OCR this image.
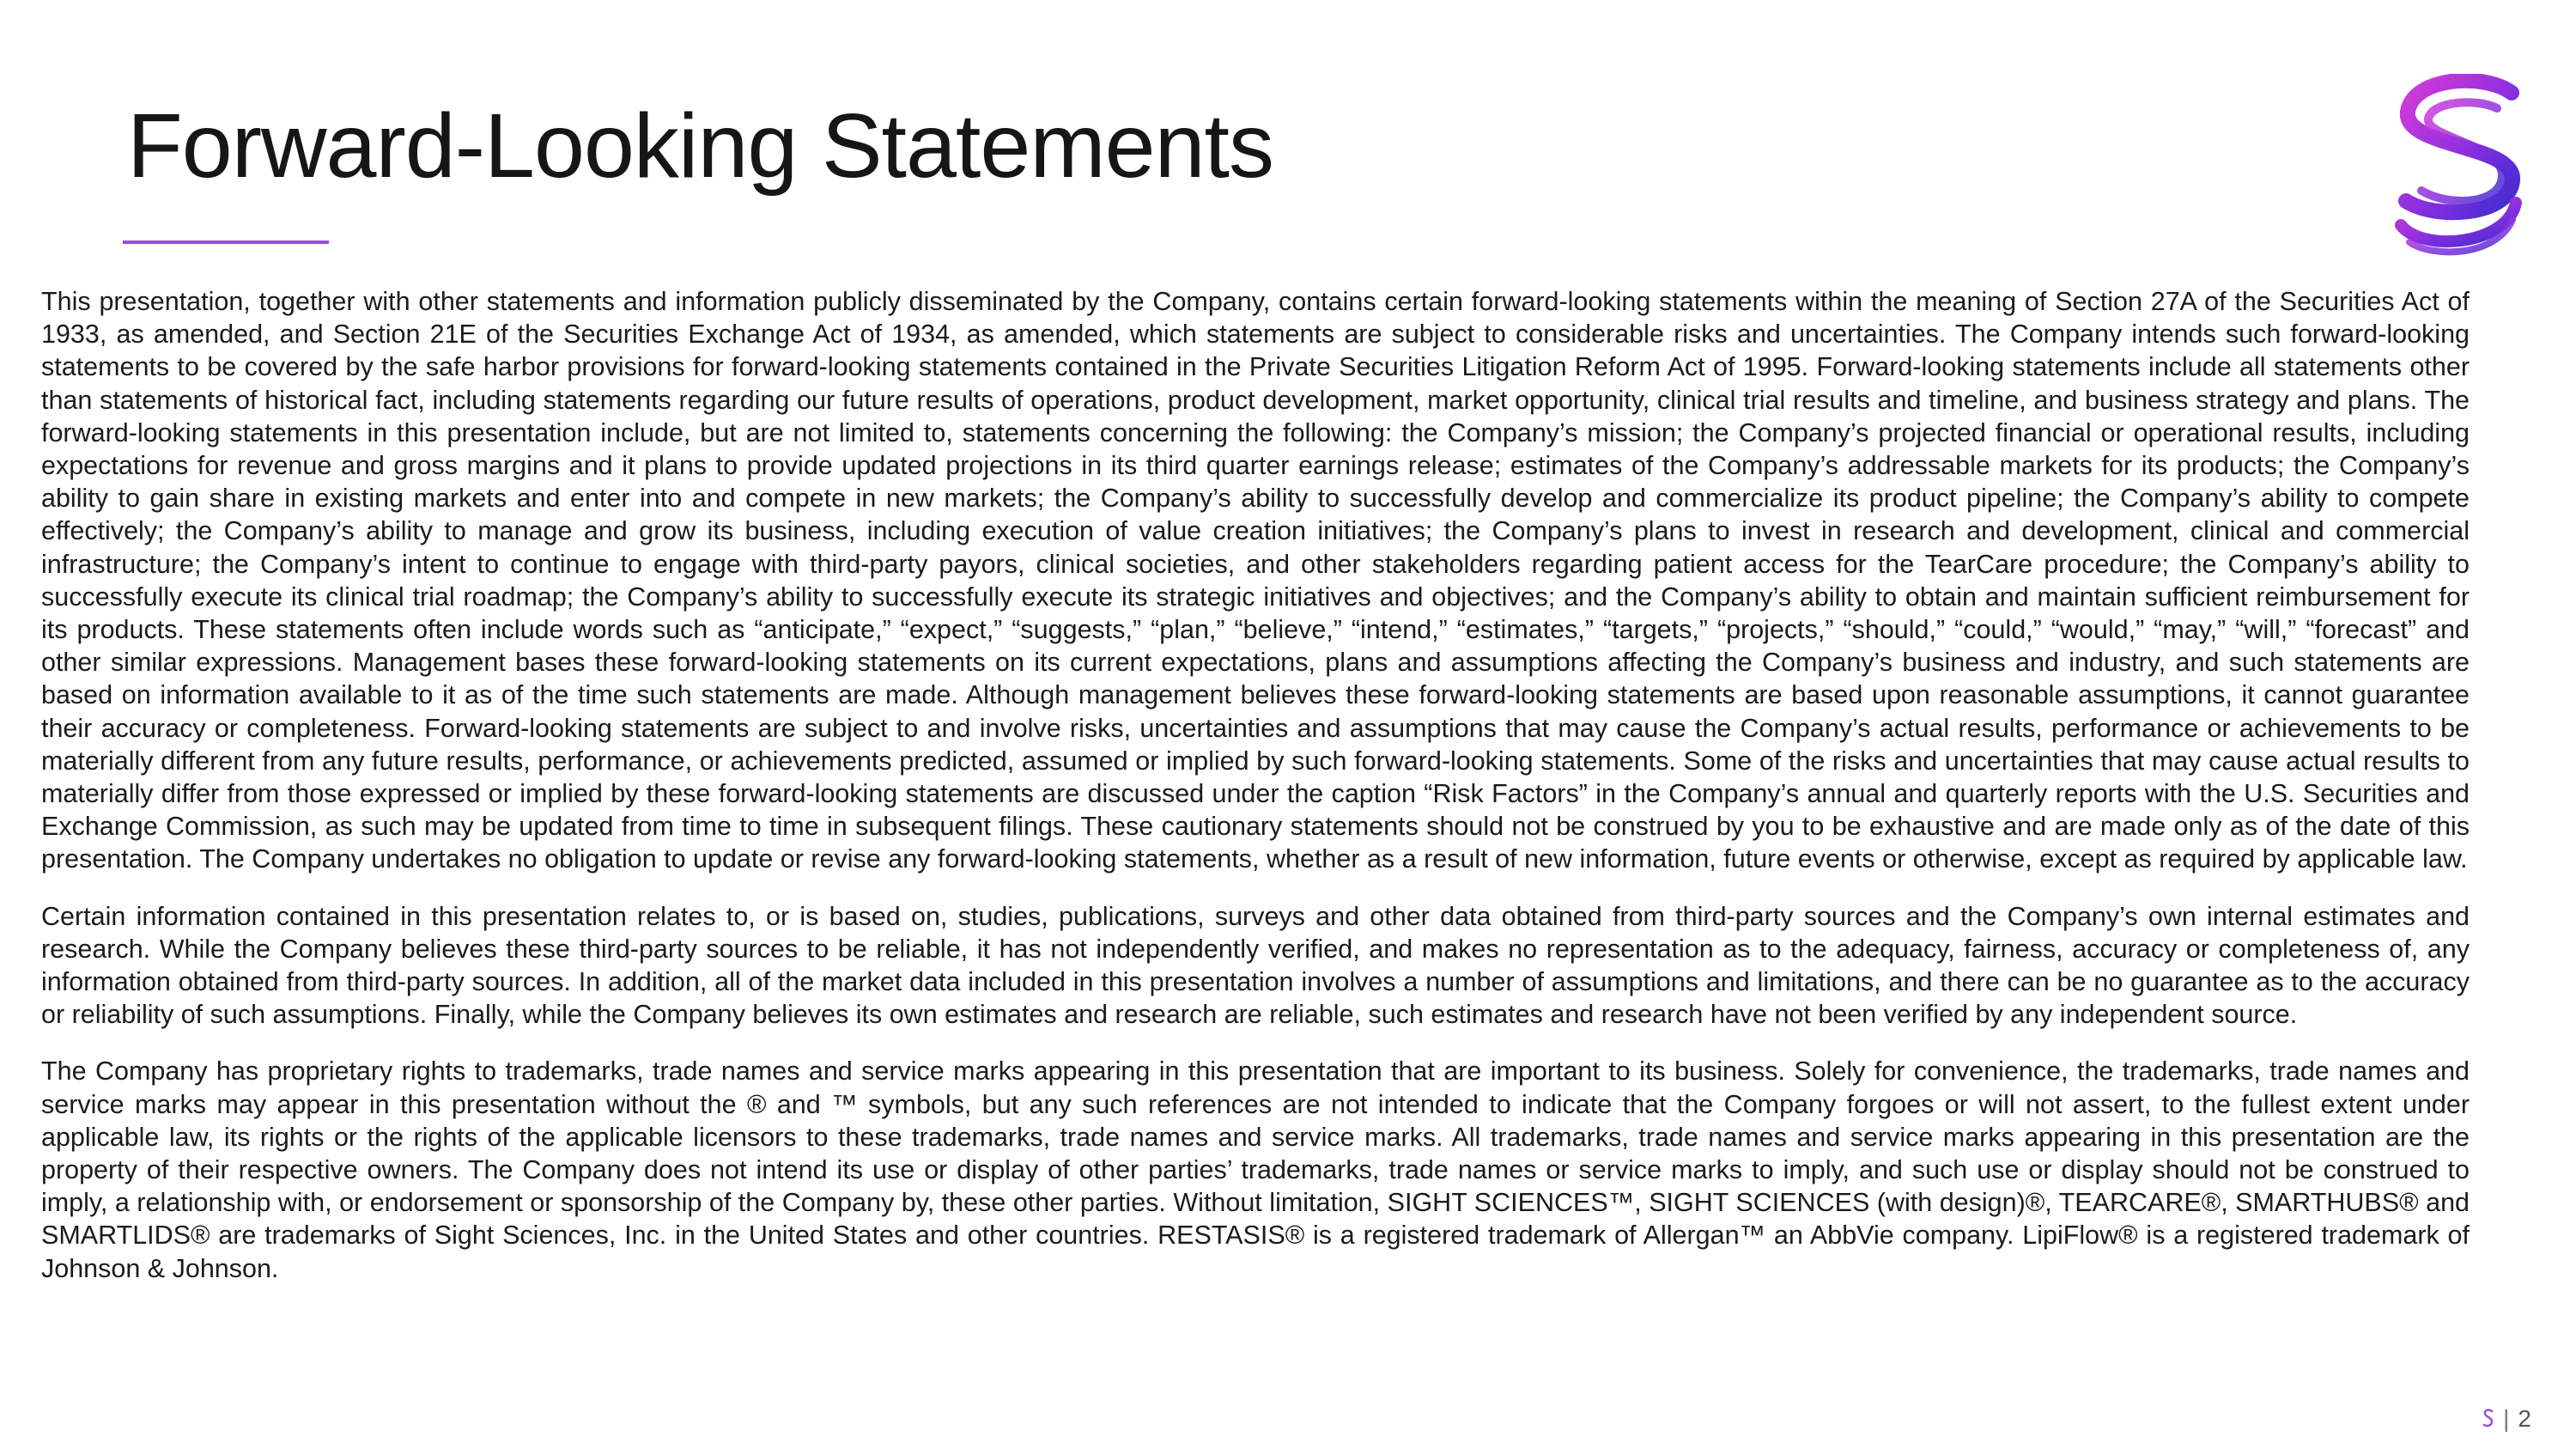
Forward-Looking Statements

This presentation, together with other statements and information publicly disseminated by the Company, contains certain forward-looking statements within the meaning of Section 27A of the Securities Act of 1933, as amended, and Section 21E of the Securities Exchange Act of 1934, as amended, which statements are subject to considerable risks and uncertainties. The Company intends such forward-looking statements to be covered by the safe harbor provisions for forward-looking statements contained in the Private Securities Litigation Reform Act of 1995. Forward-looking statements include all statements other than statements of historical fact, including statements regarding our future results of operations, product development, market opportunity, clinical trial results and timeline, and business strategy and plans. The forward-looking statements in this presentation include, but are not limited to, statements concerning the following: the Company’s mission; the Company’s projected financial or operational results, including expectations for revenue and gross margins and it plans to provide updated projections in its third quarter earnings release; estimates of the Company’s addressable markets for its products; the Company’s ability to gain share in existing markets and enter into and compete in new markets; the Company’s ability to successfully develop and commercialize its product pipeline; the Company’s ability to compete effectively; the Company’s ability to manage and grow its business, including execution of value creation initiatives; the Company’s plans to invest in research and development, clinical and commercial infrastructure; the Company’s intent to continue to engage with third-party payors, clinical societies, and other stakeholders regarding patient access for the TearCare procedure; the Company’s ability to successfully execute its clinical trial roadmap; the Company’s ability to successfully execute its strategic initiatives and objectives; and the Company’s ability to obtain and maintain sufficient reimbursement for its products. These statements often include words such as “anticipate,” “expect,” “suggests,” “plan,” “believe,” “intend,” “estimates,” “targets,” “projects,” “should,” “could,” “would,” “may,” “will,” “forecast” and other similar expressions. Management bases these forward-looking statements on its current expectations, plans and assumptions affecting the Company’s business and industry, and such statements are based on information available to it as of the time such statements are made. Although management believes these forward-looking statements are based upon reasonable assumptions, it cannot guarantee their accuracy or completeness. Forward-looking statements are subject to and involve risks, uncertainties and assumptions that may cause the Company’s actual results, performance or achievements to be materially different from any future results, performance, or achievements predicted, assumed or implied by such forward-looking statements. Some of the risks and uncertainties that may cause actual results to materially differ from those expressed or implied by these forward-looking statements are discussed under the caption “Risk Factors” in the Company’s annual and quarterly reports with the U.S. Securities and Exchange Commission, as such may be updated from time to time in subsequent filings. These cautionary statements should not be construed by you to be exhaustive and are made only as of the date of this presentation. The Company undertakes no obligation to update or revise any forward-looking statements, whether as a result of new information, future events or otherwise, except as required by applicable law.

Certain information contained in this presentation relates to, or is based on, studies, publications, surveys and other data obtained from third-party sources and the Company’s own internal estimates and research. While the Company believes these third-party sources to be reliable, it has not independently verified, and makes no representation as to the adequacy, fairness, accuracy or completeness of, any information obtained from third-party sources. In addition, all of the market data included in this presentation involves a number of assumptions and limitations, and there can be no guarantee as to the accuracy or reliability of such assumptions. Finally, while the Company believes its own estimates and research are reliable, such estimates and research have not been verified by any independent source.

The Company has proprietary rights to trademarks, trade names and service marks appearing in this presentation that are important to its business. Solely for convenience, the trademarks, trade names and service marks may appear in this presentation without the ® and ™ symbols, but any such references are not intended to indicate that the Company forgoes or will not assert, to the fullest extent under applicable law, its rights or the rights of the applicable licensors to these trademarks, trade names and service marks. All trademarks, trade names and service marks appearing in this presentation are the property of their respective owners. The Company does not intend its use or display of other parties’ trademarks, trade names or service marks to imply, and such use or display should not be construed to imply, a relationship with, or endorsement or sponsorship of the Company by, these other parties. Without limitation, SIGHT SCIENCES™, SIGHT SCIENCES (with design)®, TEARCARE®, SMARTHUBS® and SMARTLIDS® are trademarks of Sight Sciences, Inc. in the United States and other countries. RESTASIS® is a registered trademark of Allergan™ an AbbVie company. LipiFlow® is a registered trademark of Johnson & Johnson.

| 2
